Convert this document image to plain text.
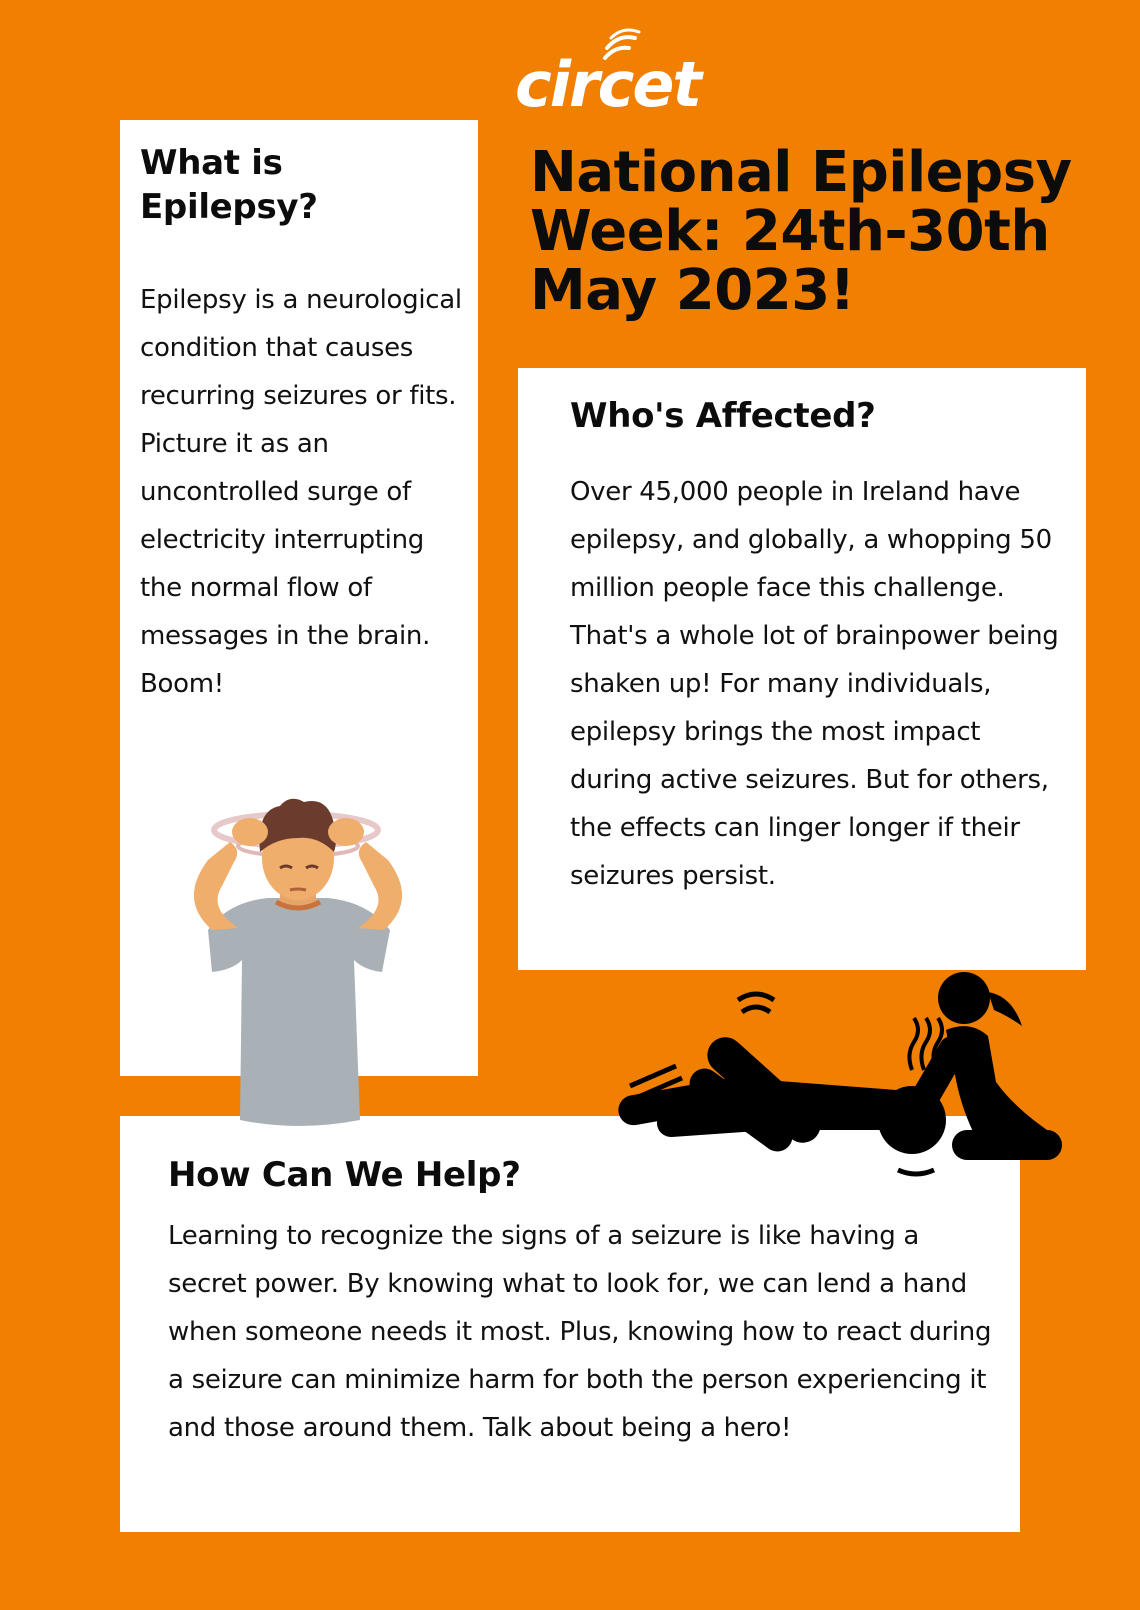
circet
National Epilepsy Week: 24th-30th May 2023!
What is Epilepsy?
Epilepsy is a neurological condition that causes recurring seizures or fits. Picture it as an uncontrolled surge of electricity interrupting the normal flow of messages in the brain. Boom!
Who's Affected?
Over 45,000 people in Ireland have epilepsy, and globally, a whopping 50 million people face this challenge. That's a whole lot of brainpower being shaken up! For many individuals, epilepsy brings the most impact during active seizures. But for others, the effects can linger longer if their seizures persist.
How Can We Help?
Learning to recognize the signs of a seizure is like having a secret power. By knowing what to look for, we can lend a hand when someone needs it most. Plus, knowing how to react during a seizure can minimize harm for both the person experiencing it and those around them. Talk about being a hero!
